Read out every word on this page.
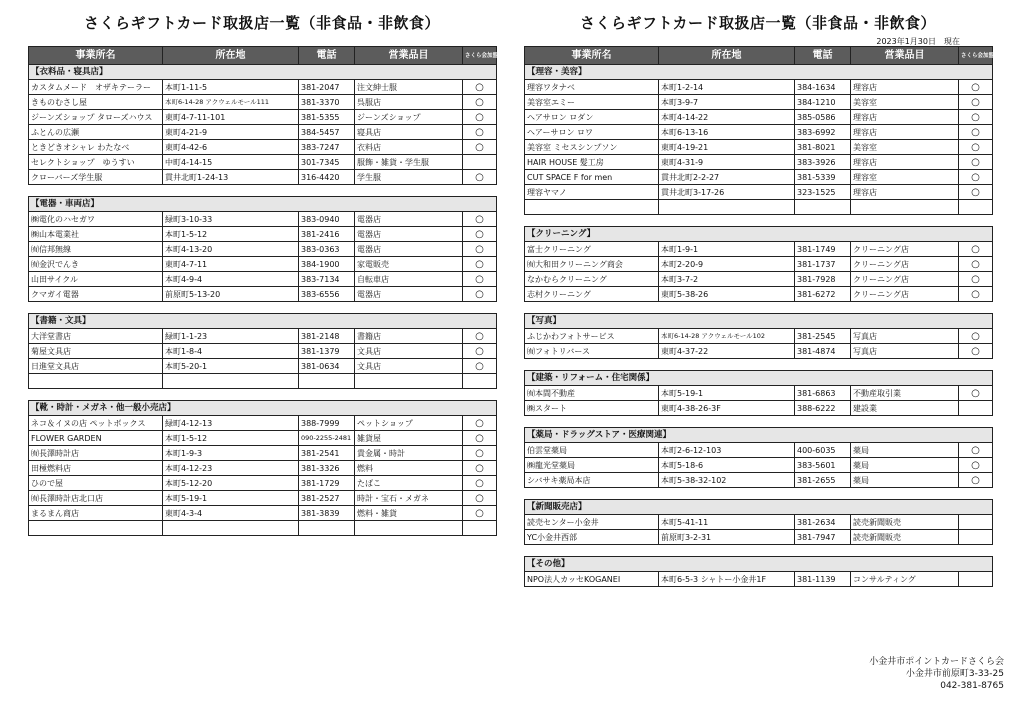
さくらギフトカード取扱店一覧（非食品・非飲食）
事業所名	所在地	電話	営業品目	さくら会加盟店
【衣料品・寝具店】				
カスタムメード　オザキテーラー	本町1-11-5	381-2047	注文紳士服	○
きものむさし屋	本町6-14-28 アクウェルモール111	381-3370	呉服店	○
ジーンズショップ タローズハウス	東町4-7-11-101	381-5355	ジーンズショップ	○
ふとんの広瀬	東町4-21-9	384-5457	寝具店	○
ときどきオシャレ わたなべ	東町4-42-6	383-7247	衣料店	○
セレクトショップ　ゆうすい	中町4-14-15	301-7345	服飾・雑貨・学生服	
クローバーズ学生服	貫井北町1-24-13	316-4420	学生服	○

【電器・車両店】				
㈱電化のハセガワ	緑町3-10-33	383-0940	電器店	○
㈱山本電業社	本町1-5-12	381-2416	電器店	○
㈲信邦無線	本町4-13-20	383-0363	電器店	○
㈲金沢でんき	東町4-7-11	384-1900	家電販売	○
山田サイクル	本町4-9-4	383-7134	自転車店	○
クマガイ電器	前原町5-13-20	383-6556	電器店	○

【書籍・文具】				
大洋堂書店	緑町1-1-23	381-2148	書籍店	○
菊屋文具店	本町1-8-4	381-1379	文具店	○
日進堂文具店	本町5-20-1	381-0634	文具店	○

【靴・時計・メガネ・他一般小売店】				
ネコ＆イヌの店 ペットボックス	緑町4-12-13	388-7999	ペットショップ	○
FLOWER GARDEN	本町1-5-12	090-2255-2481	雑貨屋	○
㈲長澤時計店	本町1-9-3	381-2541	貴金属・時計	○
田極燃料店	本町4-12-23	381-3326	燃料	○
ひので屋	本町5-12-20	381-1729	たばこ	○
㈲長澤時計店北口店	本町5-19-1	381-2527	時計・宝石・メガネ	○
まるまん商店	東町4-3-4	381-3839	燃料・雑貨	○

さくらギフトカード取扱店一覧（非食品・非飲食）
2023年1月30日　現在
事業所名	所在地	電話	営業品目	さくら会加盟店
【理容・美容】				
理容ワタナベ	本町1-2-14	384-1634	理容店	○
美容室エミー	本町3-9-7	384-1210	美容室	○
ヘアサロン ロダン	本町4-14-22	385-0586	理容店	○
ヘアーサロン ロワ	本町6-13-16	383-6992	理容店	○
美容室 ミセスシンプソン	東町4-19-21	381-8021	美容室	○
HAIR HOUSE 髪工房	東町4-31-9	383-3926	理容店	○
CUT SPACE F for men	貫井北町2-2-27	381-5339	理容室	○
理容ヤマノ	貫井北町3-17-26	323-1525	理容店	○

【クリーニング】				
富士クリーニング	本町1-9-1	381-1749	クリーニング店	○
㈲大和田クリーニング商会	本町2-20-9	381-1737	クリーニング店	○
なかむらクリーニング	本町3-7-2	381-7928	クリーニング店	○
志村クリーニング	東町5-38-26	381-6272	クリーニング店	○

【写真】				
ふじかわフォトサービス	本町6-14-28 アクウェルモール102	381-2545	写真店	○
㈲フォトリバース	東町4-37-22	381-4874	写真店	○

【建築・リフォーム・住宅関係】				
㈲本間不動産	本町5-19-1	381-6863	不動産取引業	○
㈱スタート	東町4-38-26-3F	388-6222	建設業	

【薬局・ドラッグストア・医療関連】				
伯雲堂薬局	本町2-6-12-103	400-6035	薬局	○
㈱龍光堂薬局	本町5-18-6	383-5601	薬局	○
シバサキ薬局本店	本町5-38-32-102	381-2655	薬局	○

【新聞販売店】				
読売センター小金井	本町5-41-11	381-2634	読売新聞販売	
YC小金井西部	前原町3-2-31	381-7947	読売新聞販売	

【その他】				
NPO法人カッセKOGANEI	本町6-5-3 シャトー小金井1F	381-1139	コンサルティング	
小金井市ポイントカードさくら会
小金井市前原町3-33-25
042-381-8765
